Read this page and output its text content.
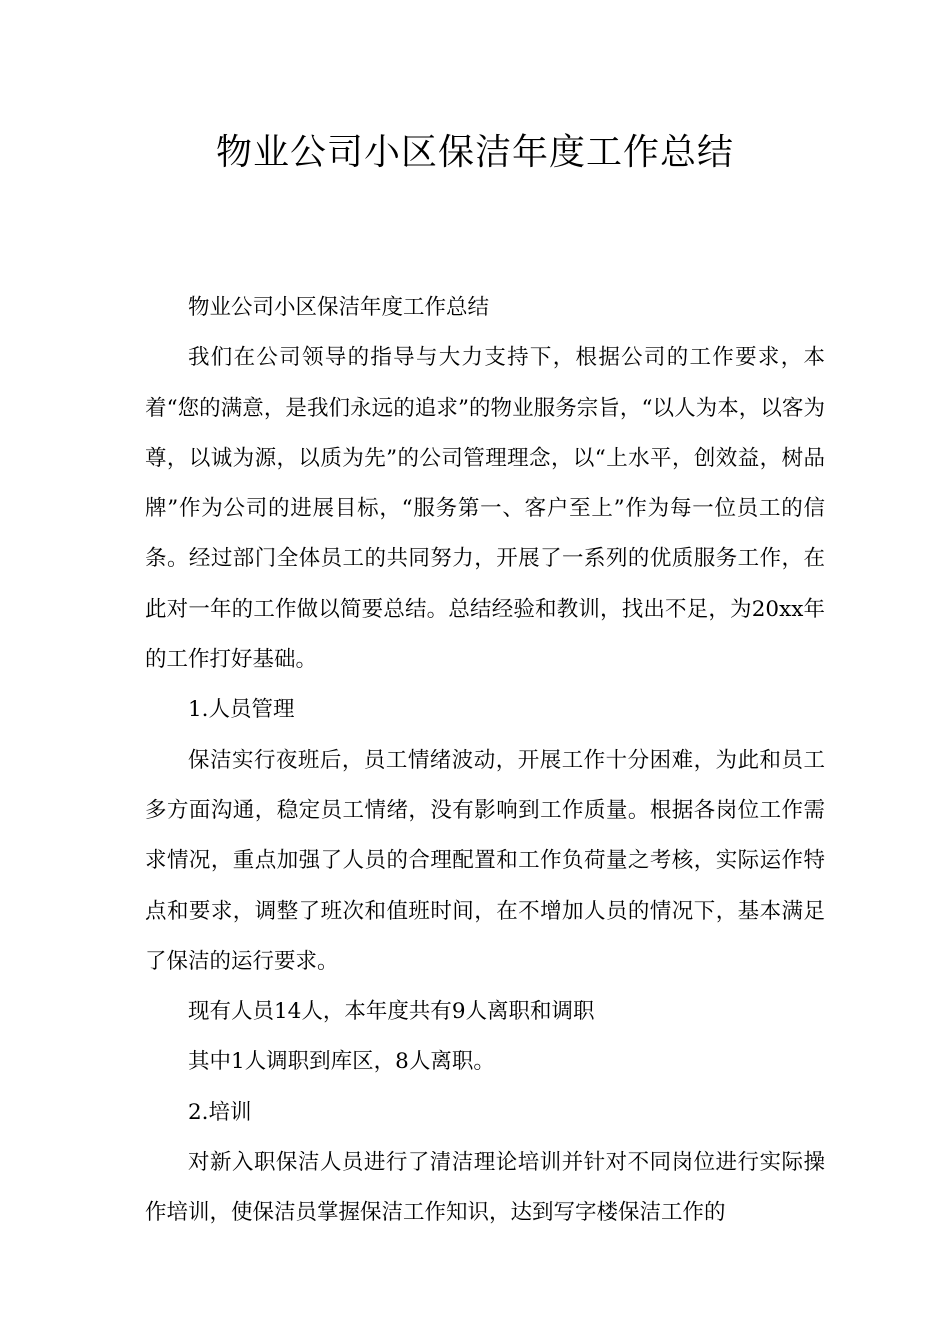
物业公司小区保洁年度工作总结

物业公司小区保洁年度工作总结

我们在公司领导的指导与大力支持下，根据公司的工作要求，本着“您的满意，是我们永远的追求”的物业服务宗旨，“以人为本，以客为尊，以诚为源，以质为先”的公司管理理念，以“上水平，创效益，树品牌”作为公司的进展目标，“服务第一、客户至上”作为每一位员工的信条。经过部门全体员工的共同努力，开展了一系列的优质服务工作，在此对一年的工作做以简要总结。总结经验和教训，找出不足，为20xx年的工作打好基础。

1.人员管理

保洁实行夜班后，员工情绪波动，开展工作十分困难，为此和员工多方面沟通，稳定员工情绪，没有影响到工作质量。根据各岗位工作需求情况，重点加强了人员的合理配置和工作负荷量之考核，实际运作特点和要求，调整了班次和值班时间，在不增加人员的情况下，基本满足了保洁的运行要求。

现有人员14人，本年度共有9人离职和调职

其中1人调职到库区，8人离职。

2.培训

对新入职保洁人员进行了清洁理论培训并针对不同岗位进行实际操作培训，使保洁员掌握保洁工作知识，达到写字楼保洁工作的
